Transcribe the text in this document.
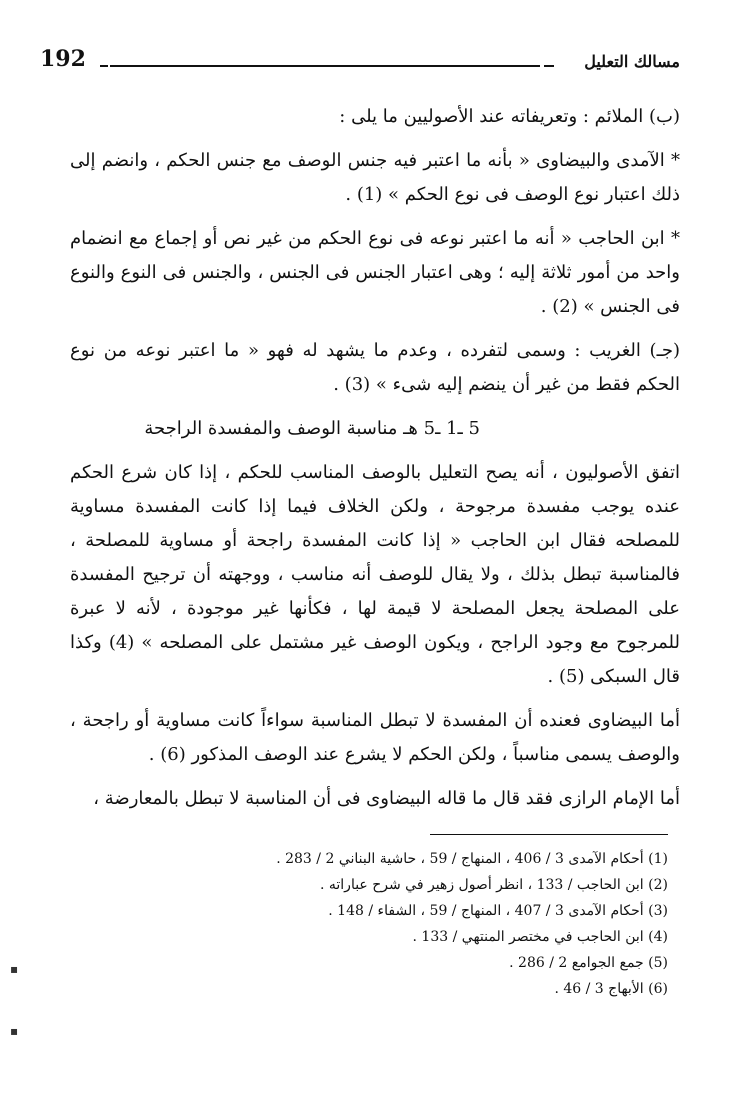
192	مسالك التعليل

(ب) الملائم : وتعريفاته عند الأصوليين ما يلى :

* الآمدى والبيضاوى « بأنه ما اعتبر فيه جنس الوصف مع جنس الحكم ، وانضم إلى ذلك اعتبار نوع الوصف فى نوع الحكم » (1) .

* ابن الحاجب « أنه ما اعتبر نوعه فى نوع الحكم من غير نص أو إجماع مع انضمام واحد من أمور ثلاثة إليه ؛ وهى اعتبار الجنس فى الجنس ، والجنس فى النوع والنوع فى الجنس » (2) .

(جـ) الغريب : وسمى لتفرده ، وعدم ما يشهد له فهو « ما اعتبر نوعه من نوع الحكم فقط من غير أن ينضم إليه شىء » (3) .

5 ـ1 ـ5 هـ مناسبة الوصف والمفسدة الراجحة

اتفق الأصوليون ، أنه يصح التعليل بالوصف المناسب للحكم ، إذا كان شرع الحكم عنده يوجب مفسدة مرجوحة ، ولكن الخلاف فيما إذا كانت المفسدة مساوية للمصلحه فقال ابن الحاجب « إذا كانت المفسدة راجحة أو مساوية للمصلحة ، فالمناسبة تبطل بذلك ، ولا يقال للوصف أنه مناسب ، ووجهته أن ترجيح المفسدة على المصلحة يجعل المصلحة لا قيمة لها ، فكأنها غير موجودة ، لأنه لا عبرة للمرجوح مع وجود الراجح ، ويكون الوصف غير مشتمل على المصلحه » (4) وكذا قال السبكى (5) .

أما البيضاوى فعنده أن المفسدة لا تبطل المناسبة سواءاً كانت مساوية أو راجحة ، والوصف يسمى مناسباً ، ولكن الحكم لا يشرع عند الوصف المذكور (6) .

أما الإمام الرازى فقد قال ما قاله البيضاوى فى أن المناسبة لا تبطل بالمعارضة ،

(1) أحكام الآمدى 3 / 406 ، المنهاج / 59 ، حاشية البناني 2 / 283 .
(2) ابن الحاجب / 133 ، انظر أصول زهير في شرح عباراته .
(3) أحكام الآمدى 3 / 407 ، المنهاج / 59 ، الشفاء / 148 .
(4) ابن الحاجب في مختصر المنتهي / 133 .
(5) جمع الجوامع 2 / 286 .
(6) الأبهاج 3 / 46 .
▪
▪
